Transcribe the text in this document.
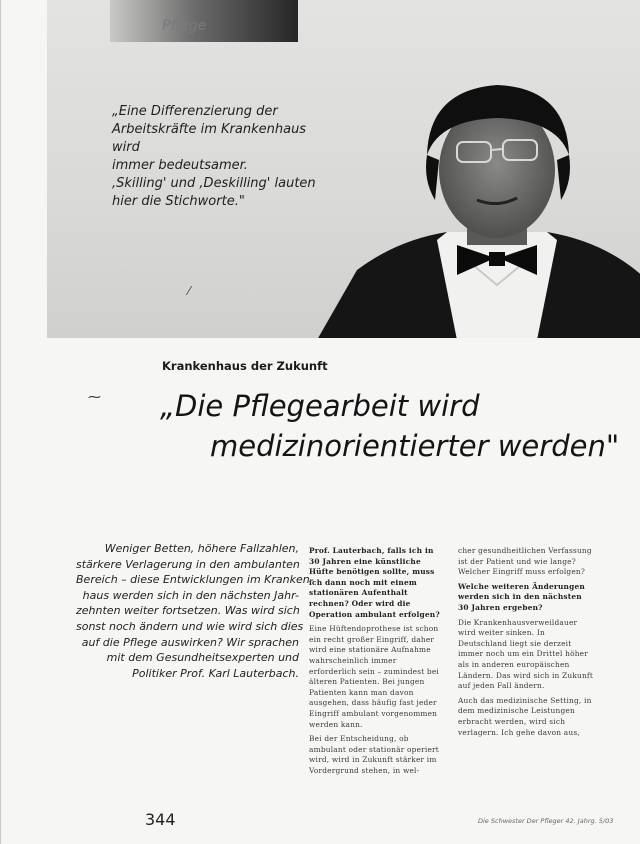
Pflege
„Eine Differenzierung der
Arbeitskräfte im Krankenhaus wird
immer bedeutsamer.
‚Skilling' und ‚Deskilling' lauten
hier die Stichworte."
⁄
Krankenhaus der Zukunft
⁓ „Die Pflegearbeit wird
medizinorientierter werden"
Weniger Betten, höhere Fallzahlen,
stärkere Verlagerung in den ambulanten
Bereich – diese Entwicklungen im Kranken-
haus werden sich in den nächsten Jahr-
zehnten weiter fortsetzen. Was wird sich
sonst noch ändern und wie wird sich dies
auf die Pflege auswirken? Wir sprachen
mit dem Gesundheitsexperten und
Politiker Prof. Karl Lauterbach.

Prof. Lauterbach, falls ich in 30 Jahren eine künstliche Hüfte benötigen sollte, muss ich dann noch mit einem stationären Aufenthalt rechnen? Oder wird die Operation ambulant erfolgen?

Eine Hüftendoprothese ist schon ein recht großer Eingriff, daher wird eine stationäre Aufnahme wahrscheinlich immer erforderlich sein – zumindest bei älteren Patienten. Bei jungen Patienten kann man davon ausgehen, dass häufig fast jeder Eingriff ambulant vorgenommen werden kann.

Bei der Entscheidung, ob ambulant oder stationär operiert wird, wird in Zukunft stärker im Vordergrund stehen, in wel-

cher gesundheitlichen Verfassung ist der Patient und wie lange? Welcher Eingriff muss erfolgen?

Welche weiteren Änderungen werden sich in den nächsten 30 Jahren ergeben?

Die Krankenhausverweildauer wird weiter sinken. In Deutschland liegt sie derzeit immer noch um ein Drittel höher als in anderen europäischen Ländern. Das wird sich in Zukunft auf jeden Fall ändern.

Auch das medizinische Setting, in dem medizinische Leistungen erbracht werden, wird sich verlagern. Ich gehe davon aus,

344	Die Schwester Der Pfleger 42. Jahrg. 5/03
